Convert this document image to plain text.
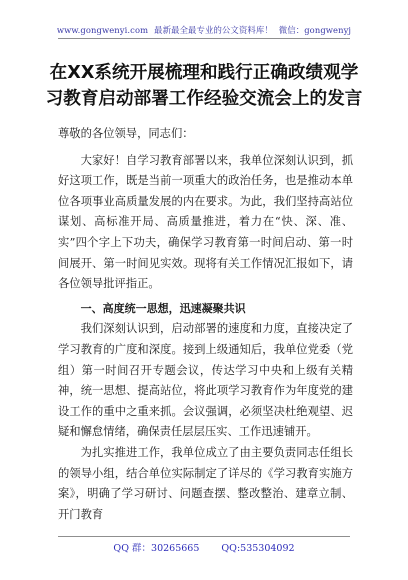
www.gongwenyi.com 最新最全最专业的公文资料库！ 微信：gongwenyj
在XX系统开展梳理和践行正确政绩观学
习教育启动部署工作经验交流会上的发言

尊敬的各位领导，同志们：

大家好！自学习教育部署以来，我单位深刻认识到，抓好这项工作，既是当前一项重大的政治任务，也是推动本单位各项事业高质量发展的内在要求。为此，我们坚持高站位谋划、高标准开局、高质量推进，着力在“快、深、准、实”四个字上下功夫，确保学习教育第一时间启动、第一时间展开、第一时间见实效。现将有关工作情况汇报如下，请各位领导批评指正。

一、高度统一思想，迅速凝聚共识

我们深刻认识到，启动部署的速度和力度，直接决定了学习教育的广度和深度。接到上级通知后，我单位党委（党组）第一时间召开专题会议，传达学习中央和上级有关精神，统一思想、提高站位，将此项学习教育作为年度党的建设工作的重中之重来抓。会议强调，必须坚决杜绝观望、迟疑和懈怠情绪，确保责任层层压实、工作迅速铺开。

为扎实推进工作，我单位成立了由主要负责同志任组长的领导小组，结合单位实际制定了详尽的《学习教育实施方案》，明确了学习研讨、问题查摆、整改整治、建章立制、开门教育

QQ 群：30265665 QQ:535304092
